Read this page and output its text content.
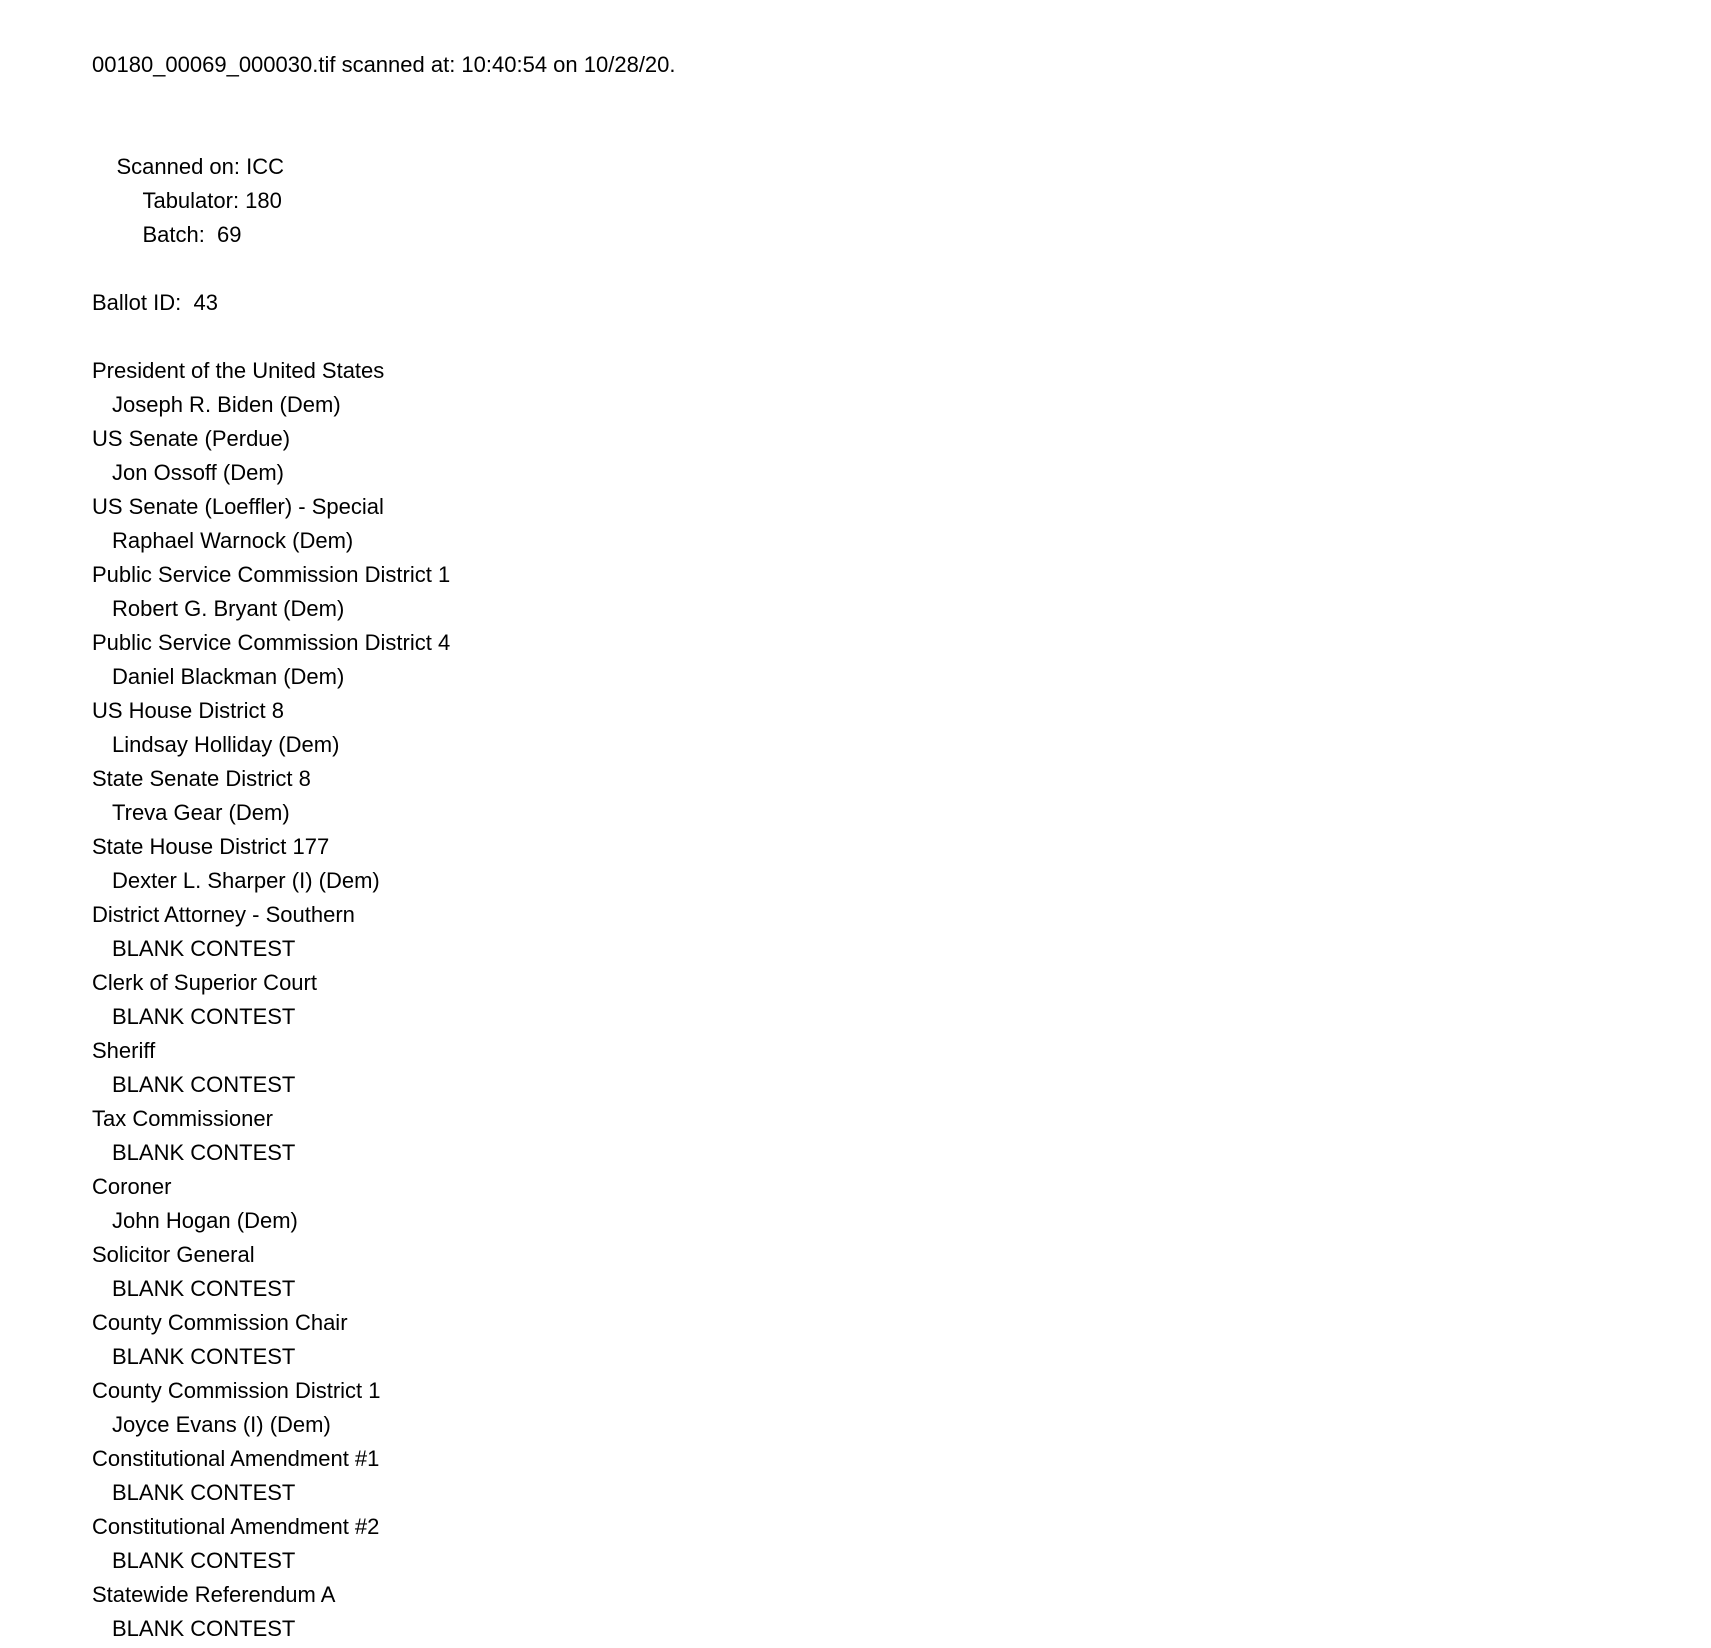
00180_00069_000030.tif scanned at: 10:40:54 on 10/28/20.

Scanned on: ICC
Tabulator: 180
Batch:  69

Ballot ID:  43
President of the United States
Joseph R. Biden (Dem)
US Senate (Perdue)
Jon Ossoff (Dem)
US Senate (Loeffler) - Special
Raphael Warnock (Dem)
Public Service Commission District 1
Robert G. Bryant (Dem)
Public Service Commission District 4
Daniel Blackman (Dem)
US House District 8
Lindsay Holliday (Dem)
State Senate District 8
Treva Gear (Dem)
State House District 177
Dexter L. Sharper (I) (Dem)
District Attorney - Southern
BLANK CONTEST
Clerk of Superior Court
BLANK CONTEST
Sheriff
BLANK CONTEST
Tax Commissioner
BLANK CONTEST
Coroner
John Hogan (Dem)
Solicitor General
BLANK CONTEST
County Commission Chair
BLANK CONTEST
County Commission District 1
Joyce Evans (I) (Dem)
Constitutional Amendment #1
BLANK CONTEST
Constitutional Amendment #2
BLANK CONTEST
Statewide Referendum A
BLANK CONTEST
